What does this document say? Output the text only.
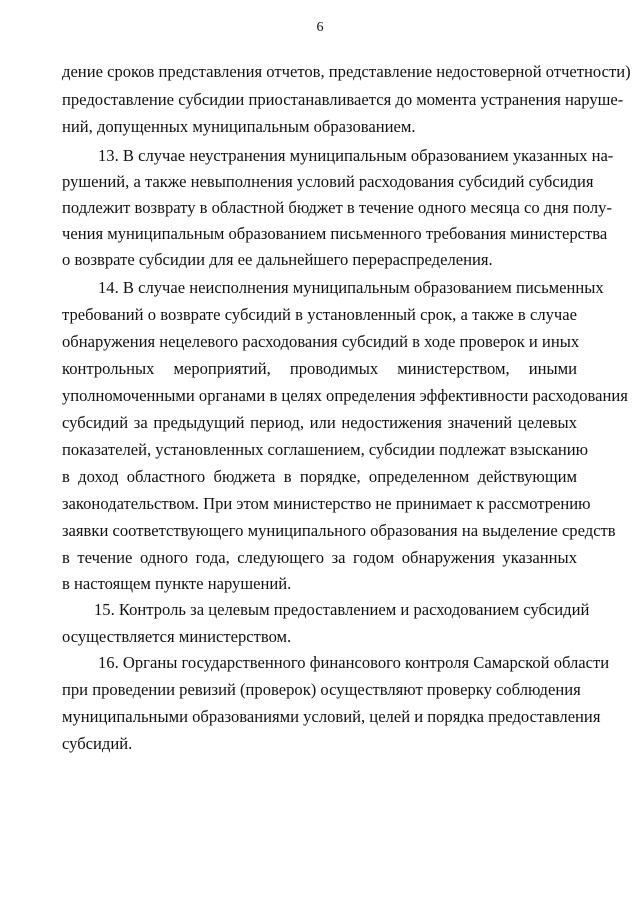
6
дение сроков представления отчетов, представление недостоверной отчетности)
предоставление субсидии приостанавливается до момента устранения наруше-
ний, допущенных муниципальным образованием.
13. В случае неустранения муниципальным образованием указанных на-
рушений, а также невыполнения условий расходования субсидий субсидия
подлежит возврату в областной бюджет в течение одного месяца со дня полу-
чения муниципальным образованием письменного требования министерства
о возврате субсидии для ее дальнейшего перераспределения.
14. В случае неисполнения муниципальным образованием письменных
требований о возврате субсидий в установленный срок, а также в случае
обнаружения нецелевого расходования субсидий в ходе проверок и иных
контрольных мероприятий, проводимых министерством, иными
уполномоченными органами в целях определения эффективности расходования
субсидий за предыдущий период, или недостижения значений целевых
показателей, установленных соглашением, субсидии подлежат взысканию
в доход областного бюджета в порядке, определенном действующим
законодательством. При этом министерство не принимает к рассмотрению
заявки соответствующего муниципального образования на выделение средств
в течение одного года, следующего за годом обнаружения указанных
в настоящем пункте нарушений.
15. Контроль за целевым предоставлением и расходованием субсидий
осуществляется министерством.
16. Органы государственного финансового контроля Самарской области
при проведении ревизий (проверок) осуществляют проверку соблюдения
муниципальными образованиями условий, целей и порядка предоставления
субсидий.
